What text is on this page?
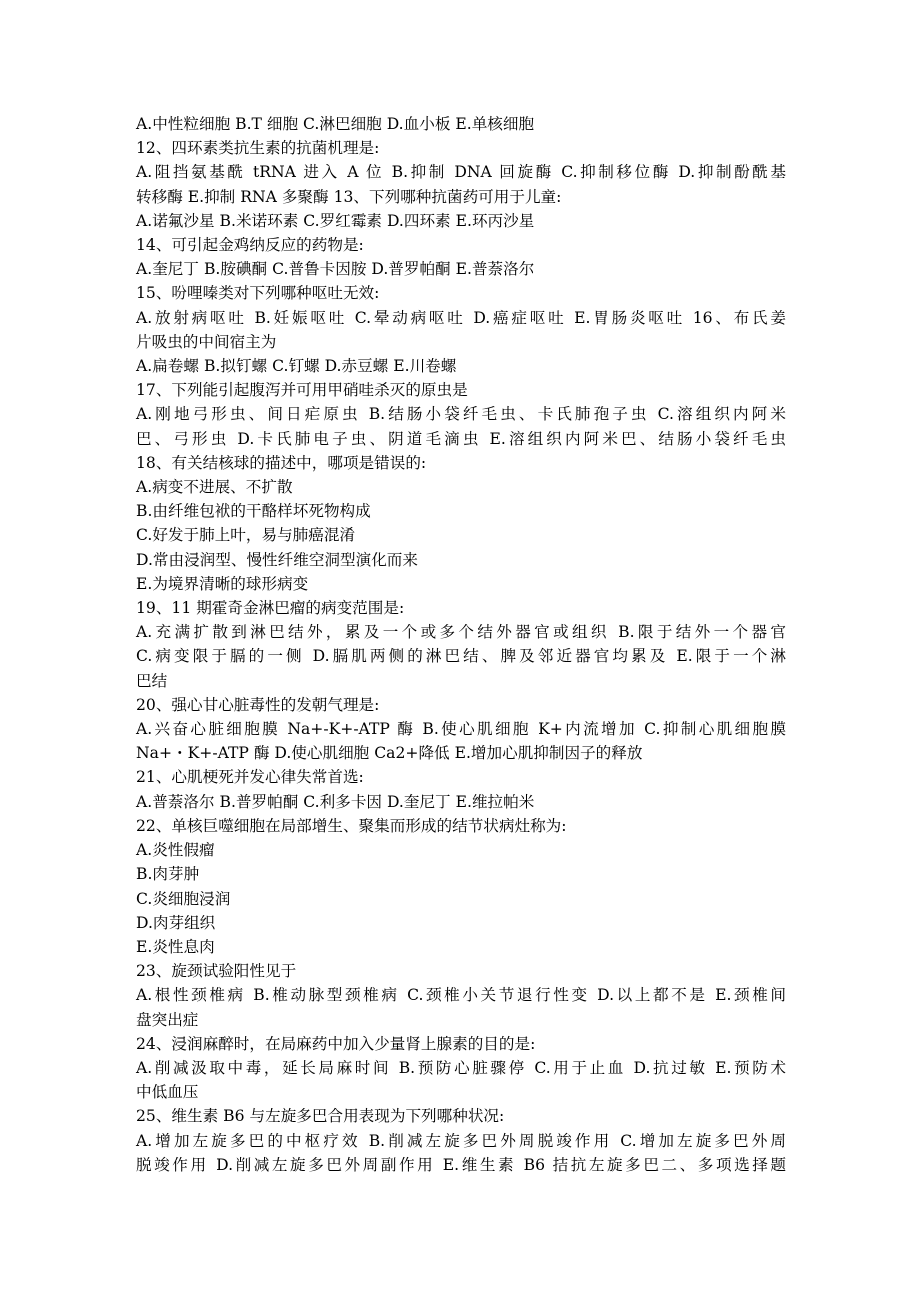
A.中性粒细胞 B.T 细胞 C.淋巴细胞 D.血小板 E.单核细胞
12、四环素类抗生素的抗菌机理是:
A.阻挡氨基酰 tRNA 进入 A 位 B.抑制 DNA 回旋酶 C.抑制移位酶 D.抑制酚酰基
转移酶 E.抑制 RNA 多聚酶 13、下列哪种抗菌药可用于儿童:
A.诺氟沙星 B.米诺环素 C.罗红霉素 D.四环素 E.环丙沙星
14、可引起金鸡纳反应的药物是:
A.奎尼丁 B.胺碘酮 C.普鲁卡因胺 D.普罗帕酮 E.普萘洛尔
15、吩哩嗪类对下列哪种呕吐无效:
A.放射病呕吐 B.妊娠呕吐 C.晕动病呕吐 D.癌症呕吐 E.胃肠炎呕吐 16、布氏姜
片吸虫的中间宿主为
A.扁卷螺 B.拟钉螺 C.钉螺 D.赤豆螺 E.川卷螺
17、下列能引起腹泻并可用甲硝哇杀灭的原虫是
A.刚地弓形虫、间日疟原虫 B.结肠小袋纤毛虫、卡氏肺孢子虫 C.溶组织内阿米
巴、弓形虫 D.卡氏肺电子虫、阴道毛滴虫 E.溶组织内阿米巴、结肠小袋纤毛虫
18、有关结核球的描述中，哪项是错误的:
A.病变不进展、不扩散
B.由纤维包袱的干酪样坏死物构成
C.好发于肺上叶，易与肺癌混淆
D.常由浸润型、慢性纤维空洞型演化而来
E.为境界清晰的球形病变
19、11 期霍奇金淋巴瘤的病变范围是:
A.充满扩散到淋巴结外，累及一个或多个结外器官或组织 B.限于结外一个器官
C.病变限于膈的一侧 D.膈肌两侧的淋巴结、脾及邻近器官均累及 E.限于一个淋
巴结
20、强心甘心脏毒性的发朝气理是:
A.兴奋心脏细胞膜 Na+-K+-ATP 酶 B.使心肌细胞 K+内流增加 C.抑制心肌细胞膜
Na+・K+-ATP 酶 D.使心肌细胞 Ca2+降低 E.增加心肌抑制因子的释放
21、心肌梗死并发心律失常首选:
A.普萘洛尔 B.普罗帕酮 C.利多卡因 D.奎尼丁 E.维拉帕米
22、单核巨噬细胞在局部增生、聚集而形成的结节状病灶称为:
A.炎性假瘤
B.肉芽肿
C.炎细胞浸润
D.肉芽组织
E.炎性息肉
23、旋颈试验阳性见于
A.根性颈椎病 B.椎动脉型颈椎病 C.颈椎小关节退行性变 D.以上都不是 E.颈椎间
盘突出症
24、浸润麻醉时，在局麻药中加入少量肾上腺素的目的是:
A.削减汲取中毒，延长局麻时间 B.预防心脏骤停 C.用于止血 D.抗过敏 E.预防术
中低血压
25、维生素 B6 与左旋多巴合用表现为下列哪种状况:
A.增加左旋多巴的中枢疗效 B.削减左旋多巴外周脱竣作用 C.增加左旋多巴外周
脱竣作用 D.削减左旋多巴外周副作用 E.维生素 B6 拮抗左旋多巴二、多项选择题
